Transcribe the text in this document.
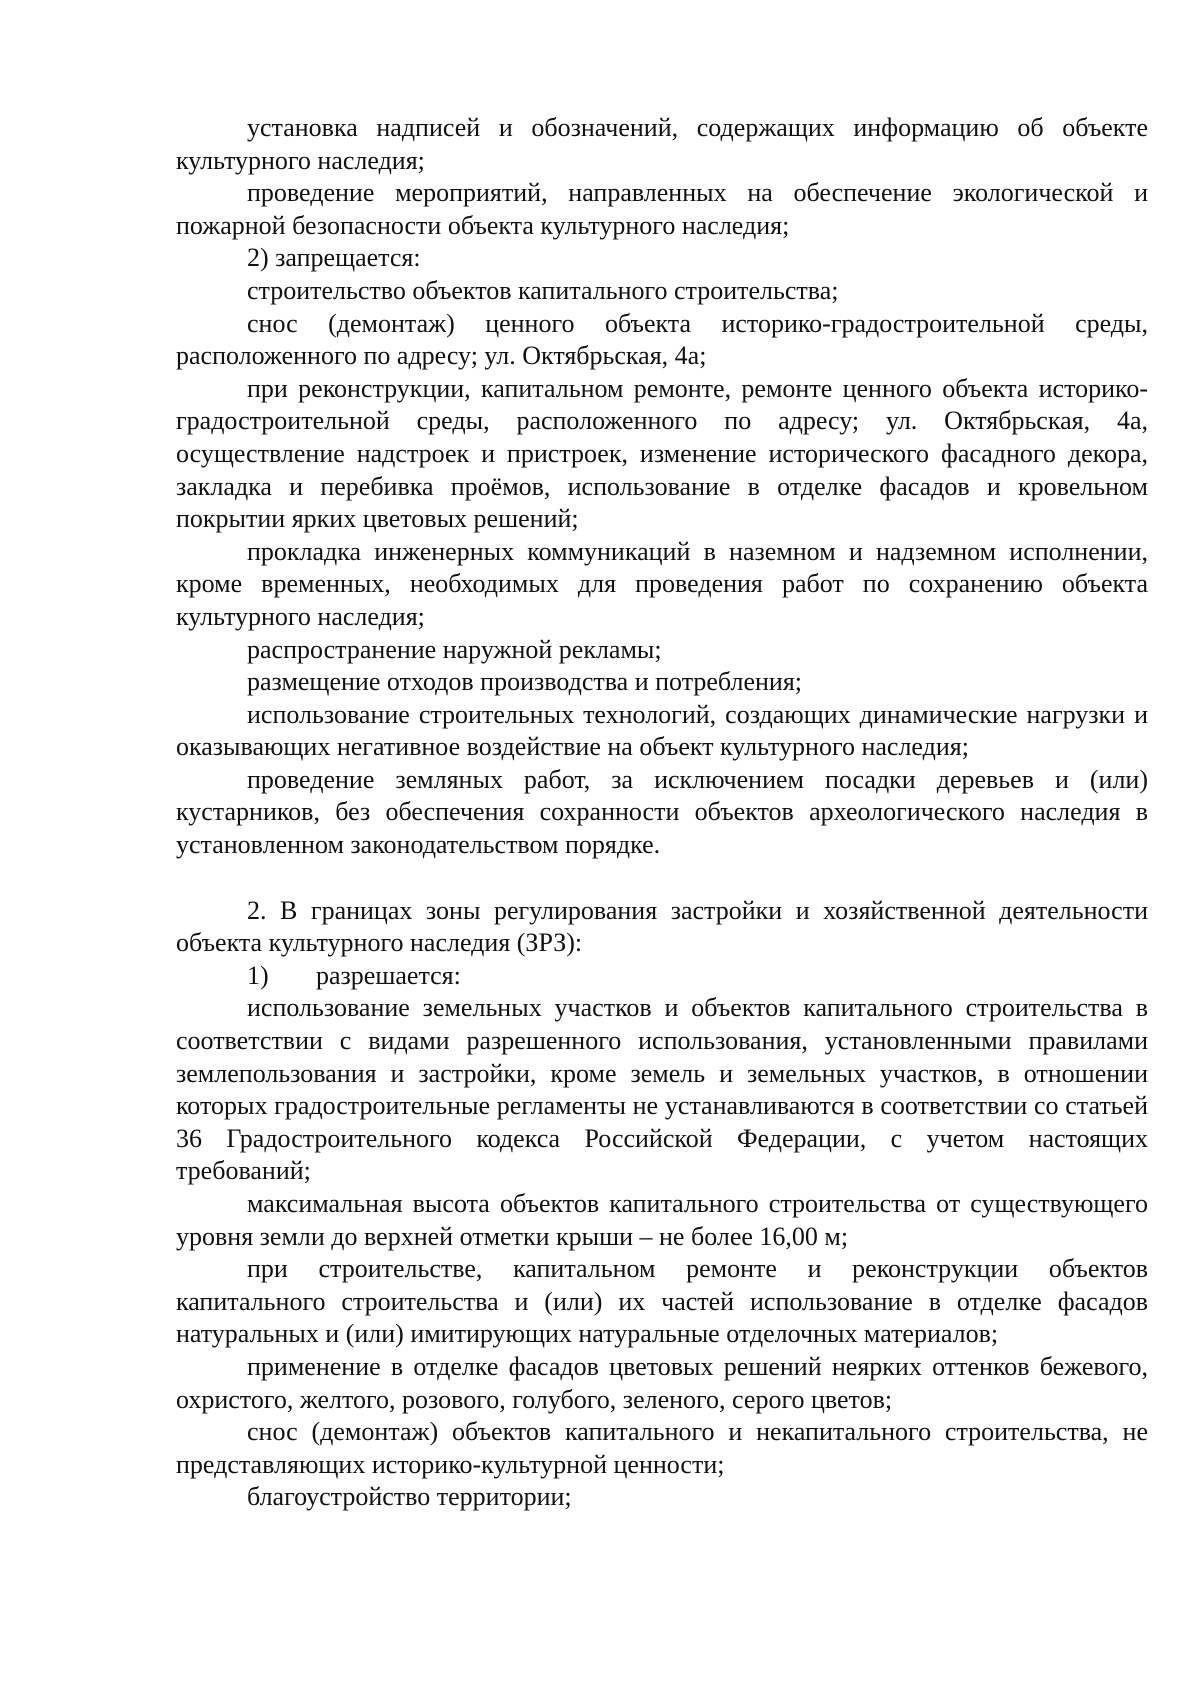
установка надписей и обозначений, содержащих информацию об объекте культурного наследия;

проведение мероприятий, направленных на обеспечение экологической и пожарной безопасности объекта культурного наследия;

2) запрещается:

строительство объектов капитального строительства;

снос (демонтаж) ценного объекта историко-градостроительной среды, расположенного по адресу; ул. Октябрьская, 4а;

при реконструкции, капитальном ремонте, ремонте ценного объекта историко-градостроительной среды, расположенного по адресу; ул. Октябрьская, 4а, осуществление надстроек и пристроек, изменение исторического фасадного декора, закладка и перебивка проёмов, использование в отделке фасадов и кровельном покрытии ярких цветовых решений;

прокладка инженерных коммуникаций в наземном и надземном исполнении, кроме временных, необходимых для проведения работ по сохранению объекта культурного наследия;

распространение наружной рекламы;

размещение отходов производства и потребления;

использование строительных технологий, создающих динамические нагрузки и оказывающих негативное воздействие на объект культурного наследия;

проведение земляных работ, за исключением посадки деревьев и (или) кустарников, без обеспечения сохранности объектов археологического наследия в установленном законодательством порядке.

2. В границах зоны регулирования застройки и хозяйственной деятельности объекта культурного наследия (ЗРЗ):

1) разрешается:

использование земельных участков и объектов капитального строительства в соответствии с видами разрешенного использования, установленными правилами землепользования и застройки, кроме земель и земельных участков, в отношении которых градостроительные регламенты не устанавливаются в соответствии со статьей 36 Градостроительного кодекса Российской Федерации, с учетом настоящих требований;

максимальная высота объектов капитального строительства от существующего уровня земли до верхней отметки крыши – не более 16,00 м;

при строительстве, капитальном ремонте и реконструкции объектов капитального строительства и (или) их частей использование в отделке фасадов натуральных и (или) имитирующих натуральные отделочных материалов;

применение в отделке фасадов цветовых решений неярких оттенков бежевого, охристого, желтого, розового, голубого, зеленого, серого цветов;

снос (демонтаж) объектов капитального и некапитального строительства, не представляющих историко-культурной ценности;

благоустройство территории;
